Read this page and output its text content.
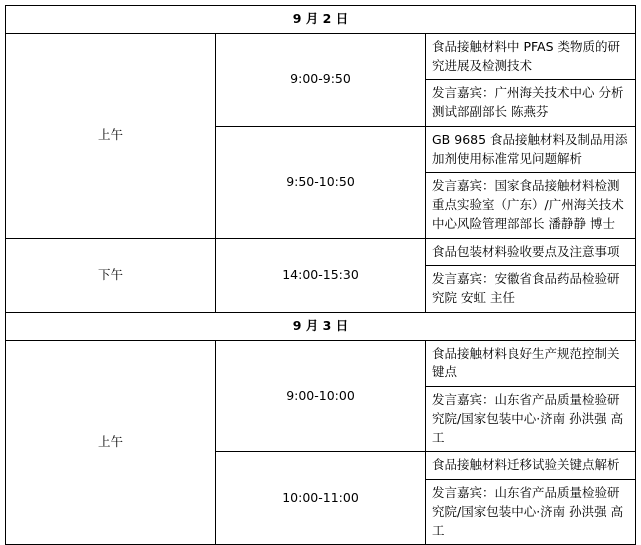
9 月 2 日		
上午	9:00-9:50	食品接触材料中 PFAS 类物质的研究进展及检测技术
		发言嘉宾：广州海关技术中心 分析测试部副部长 陈燕芬
	9:50-10:50	GB 9685 食品接触材料及制品用添加剂使用标准常见问题解析
		发言嘉宾：国家食品接触材料检测重点实验室（广东）/广州海关技术中心风险管理部部长 潘静静 博士
下午	14:00-15:30	食品包装材料验收要点及注意事项
		发言嘉宾：安徽省食品药品检验研究院 安虹 主任
9 月 3 日		
上午	9:00-10:00	食品接触材料良好生产规范控制关键点
		发言嘉宾：山东省产品质量检验研究院/国家包装中心·济南 孙洪强 高工
	10:00-11:00	食品接触材料迁移试验关键点解析
		发言嘉宾：山东省产品质量检验研究院/国家包装中心·济南 孙洪强 高工
